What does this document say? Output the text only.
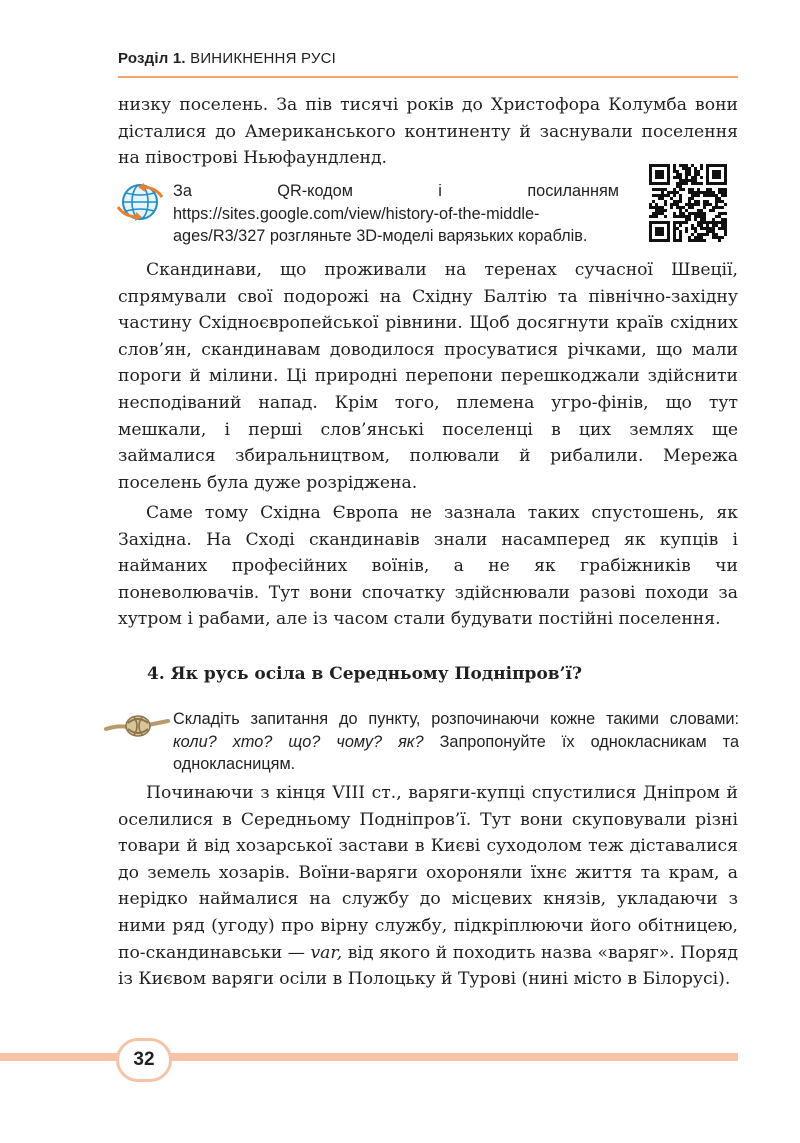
Розділ 1. ВИНИКНЕННЯ РУСІ

низку поселень. За пів тисячі років до Христофора Колумба вони дісталися до Американського континенту й заснували поселення на півострові Ньюфаундленд.

За QR-кодом і посиланням https://sites.google.com/view/history-of-the-middle-ages/R3/327 розгляньте 3D-моделі варязьких кораблів.

Скандинави, що проживали на теренах сучасної Швеції, спрямували свої подорожі на Східну Балтію та північно-західну частину Східноєвропейської рівнини. Щоб досягнути країв східних слов’ян, скандинавам доводилося просуватися річками, що мали пороги й мілини. Ці природні перепони перешкоджали здійснити несподіваний напад. Крім того, племена угро-фінів, що тут мешкали, і перші слов’янські поселенці в цих землях ще займалися збиральництвом, полювали й рибалили. Мережа поселень була дуже розріджена.

Саме тому Східна Європа не зазнала таких спустошень, як Західна. На Сході скандинавів знали насамперед як купців і найманих професійних воїнів, а не як грабіжників чи поневолювачів. Тут вони спочатку здійснювали разові походи за хутром і рабами, але із часом стали будувати постійні поселення.

4. Як русь осіла в Середньому Подніпров’ї?
Складіть запитання до пункту, розпочинаючи кожне такими словами: коли? хто? що? чому? як? Запропонуйте їх однокласникам та однокласницям.

Починаючи з кінця VIII ст., варяги-купці спустилися Дніпром й оселилися в Середньому Подніпров’ї. Тут вони скуповували різні товари й від хозарської застави в Києві суходолом теж діставалися до земель хозарів. Воїни-варяги охороняли їхнє життя та крам, а нерідко наймалися на службу до місцевих князів, укладаючи з ними ряд (угоду) про вірну службу, підкріплюючи його обітницею, по-скандинавськи — var, від якого й походить назва «варяг». Поряд із Києвом варяги осіли в Полоцьку й Турові (нині місто в Білорусі).

32
